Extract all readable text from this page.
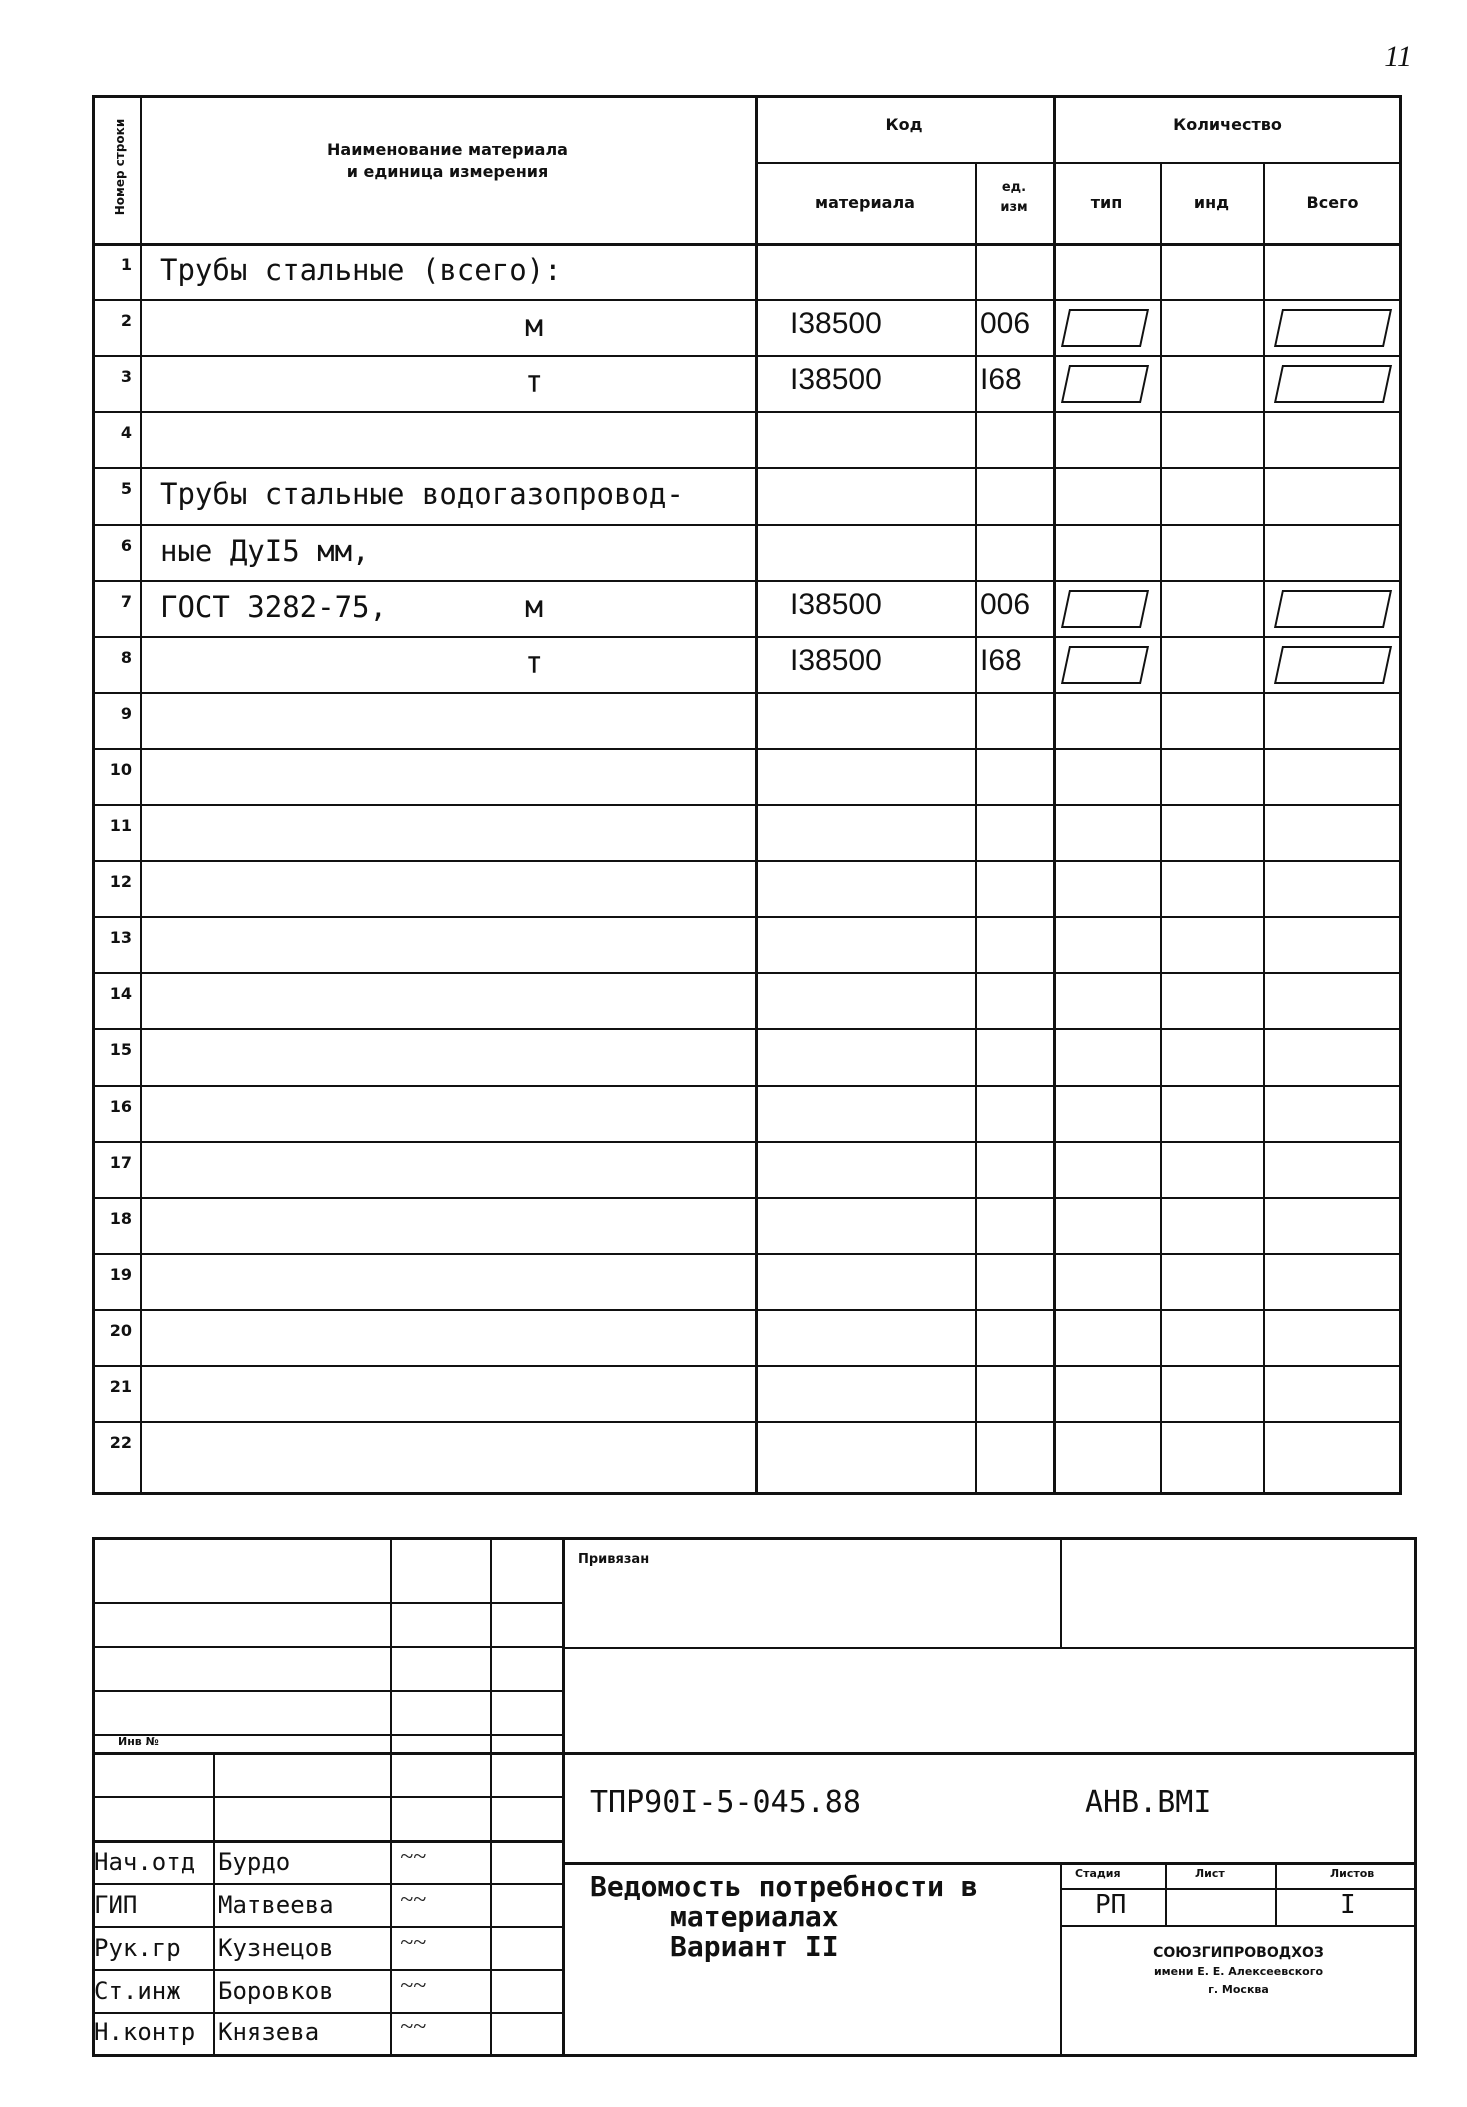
11
Номер строки	Наименование материала
и единица измерения
Код	Количество
материала
ед.
изм	тип	инд	Всего
1 Трубы стальные (всего):
2	м	I38500	006
3	т	I38500	I68
4
5 Трубы стальные водогазопровод-
6 ные ДуI5 мм,
7 ГОСТ 3282-75,	м	I38500	006
8	т	I38500	I68
9
10
11
12
13
14
15
16
17
18
19
20
21
22
Привязан
Инв №
ТПР90I-5-045.88	АНВ.ВМI
Ведомость потребности в
материалах
Вариант II
Стадия	Лист	Листов
РП	I
СОЮЗГИПРОВОДХОЗ
имени Е. Е. Алексеевского
г. Москва
Нач.отд Бурдо	~~
ГИП	Матвеева	~~
Рук.гр	Кузнецов	~~
Ст.инж	Боровков	~~
Н.контр Князева	~~
